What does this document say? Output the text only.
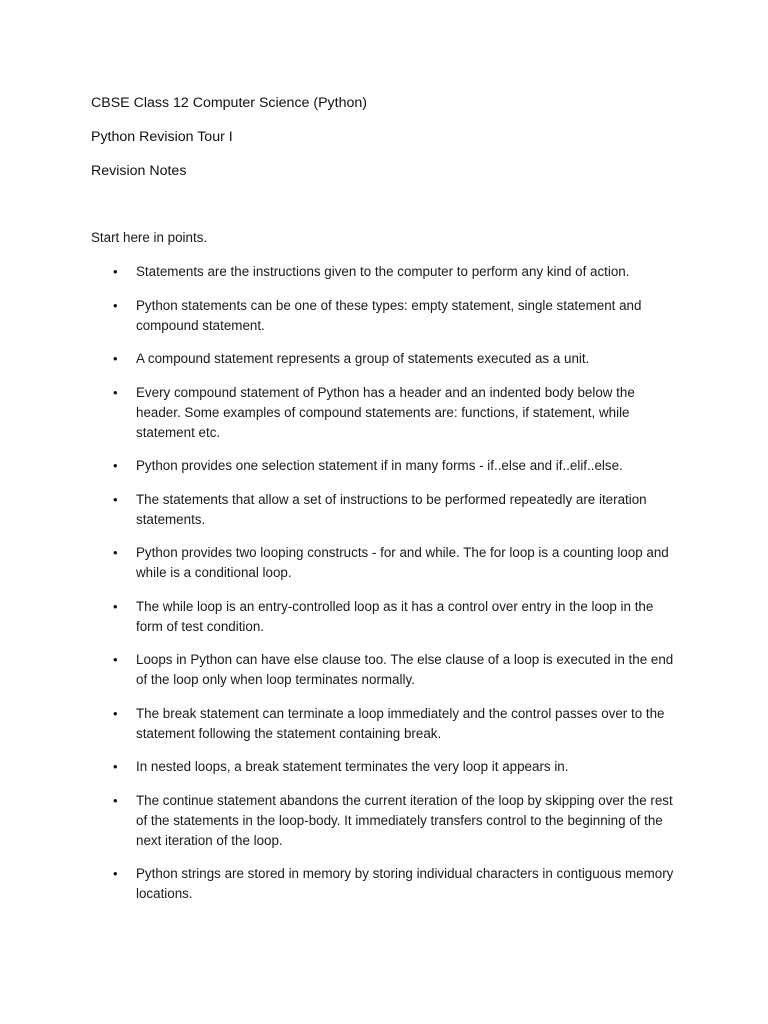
CBSE Class 12 Computer Science (Python)
Python Revision Tour I
Revision Notes

Start here in points.

• Statements are the instructions given to the computer to perform any kind of action.
• Python statements can be one of these types: empty statement, single statement and compound statement.
• A compound statement represents a group of statements executed as a unit.
• Every compound statement of Python has a header and an indented body below the header. Some examples of compound statements are: functions, if statement, while statement etc.
• Python provides one selection statement if in many forms - if..else and if..elif..else.
• The statements that allow a set of instructions to be performed repeatedly are iteration statements.
• Python provides two looping constructs - for and while. The for loop is a counting loop and while is a conditional loop.
• The while loop is an entry-controlled loop as it has a control over entry in the loop in the form of test condition.
• Loops in Python can have else clause too. The else clause of a loop is executed in the end of the loop only when loop terminates normally.
• The break statement can terminate a loop immediately and the control passes over to the statement following the statement containing break.
• In nested loops, a break statement terminates the very loop it appears in.
• The continue statement abandons the current iteration of the loop by skipping over the rest of the statements in the loop-body. It immediately transfers control to the beginning of the next iteration of the loop.
• Python strings are stored in memory by storing individual characters in contiguous memory locations.
